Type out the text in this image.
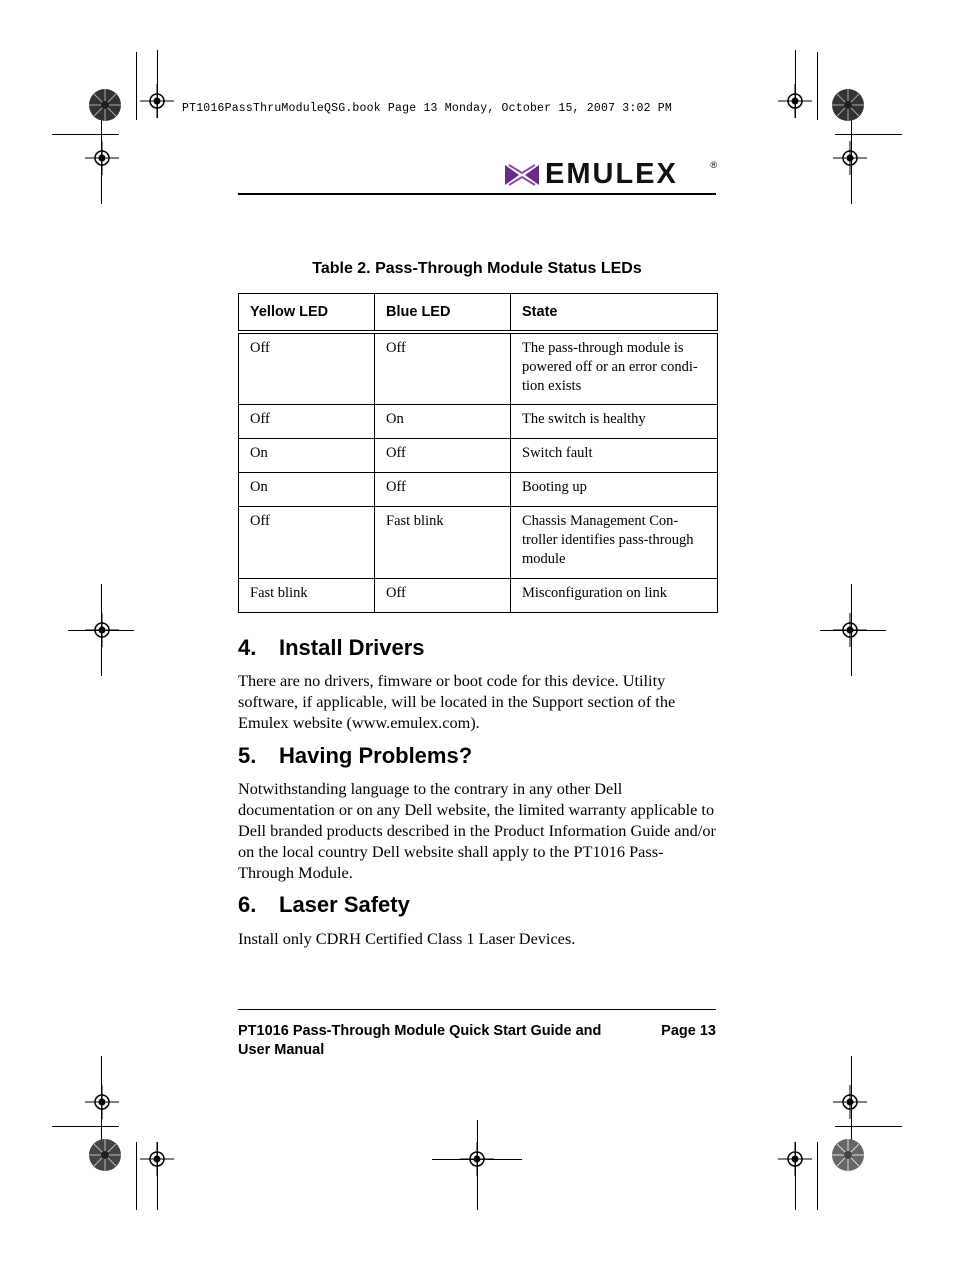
PT1016PassThruModuleQSG.book Page 13 Monday, October 15, 2007 3:02 PM
EMULEX	®
Table 2. Pass-Through Module Status LEDs
Yellow LED	Blue LED	State
Off	Off	The pass-through module is powered off or an error condi-tion exists
Off	On	The switch is healthy
On	Off	Switch fault
On	Off	Booting up
Off	Fast blink	Chassis Management Con-troller identifies pass-through module
Fast blink	Off	Misconfiguration on link
4. Install Drivers
There are no drivers, fimware or boot code for this device. Utility software, if applicable, will be located in the Support section of the Emulex website (www.emulex.com).
5. Having Problems?
Notwithstanding language to the contrary in any other Dell documentation or on any Dell website, the limited warranty applicable to Dell branded products described in the Product Information Guide and/or on the local country Dell website shall apply to the PT1016 Pass-Through Module.
6. Laser Safety
Install only CDRH Certified Class 1 Laser Devices.
PT1016 Pass-Through Module Quick Start Guide and User Manual
Page 13
